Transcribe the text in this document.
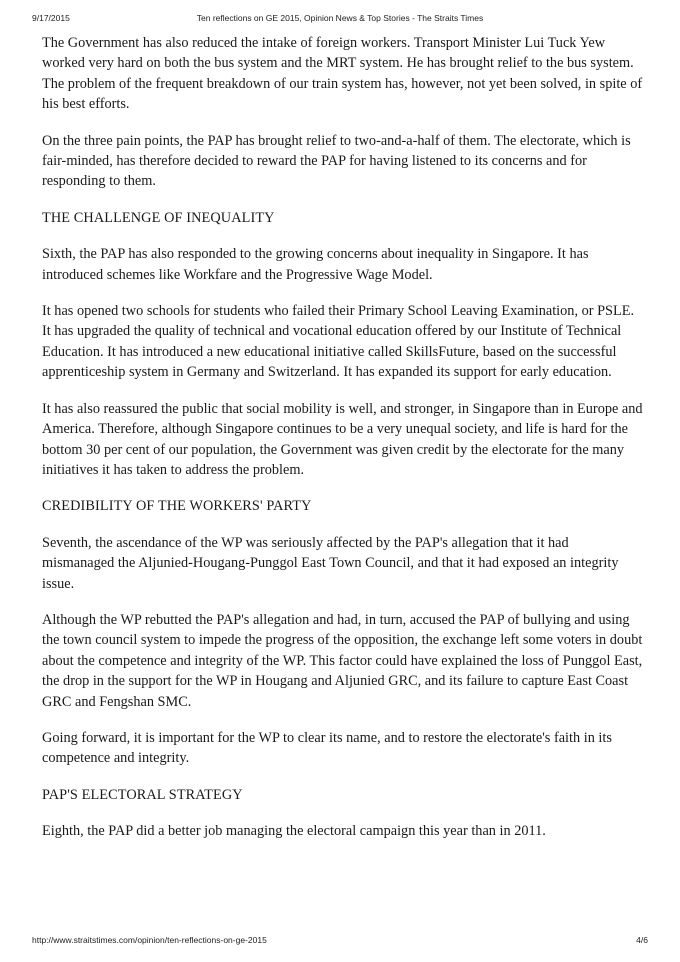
9/17/2015	Ten reflections on GE 2015, Opinion News & Top Stories - The Straits Times

The Government has also reduced the intake of foreign workers. Transport Minister Lui Tuck Yew worked very hard on both the bus system and the MRT system. He has brought relief to the bus system. The problem of the frequent breakdown of our train system has, however, not yet been solved, in spite of his best efforts.

On the three pain points, the PAP has brought relief to two-and-a-half of them. The electorate, which is fair-minded, has therefore decided to reward the PAP for having listened to its concerns and for responding to them.

THE CHALLENGE OF INEQUALITY

Sixth, the PAP has also responded to the growing concerns about inequality in Singapore. It has introduced schemes like Workfare and the Progressive Wage Model.

It has opened two schools for students who failed their Primary School Leaving Examination, or PSLE. It has upgraded the quality of technical and vocational education offered by our Institute of Technical Education. It has introduced a new educational initiative called SkillsFuture, based on the successful apprenticeship system in Germany and Switzerland. It has expanded its support for early education.

It has also reassured the public that social mobility is well, and stronger, in Singapore than in Europe and America. Therefore, although Singapore continues to be a very unequal society, and life is hard for the bottom 30 per cent of our population, the Government was given credit by the electorate for the many initiatives it has taken to address the problem.

CREDIBILITY OF THE WORKERS' PARTY

Seventh, the ascendance of the WP was seriously affected by the PAP's allegation that it had mismanaged the Aljunied-Hougang-Punggol East Town Council, and that it had exposed an integrity issue.

Although the WP rebutted the PAP's allegation and had, in turn, accused the PAP of bullying and using the town council system to impede the progress of the opposition, the exchange left some voters in doubt about the competence and integrity of the WP. This factor could have explained the loss of Punggol East, the drop in the support for the WP in Hougang and Aljunied GRC, and its failure to capture East Coast GRC and Fengshan SMC.

Going forward, it is important for the WP to clear its name, and to restore the electorate's faith in its competence and integrity.

PAP'S ELECTORAL STRATEGY

Eighth, the PAP did a better job managing the electoral campaign this year than in 2011.

http://www.straitstimes.com/opinion/ten-reflections-on-ge-2015	4/6
